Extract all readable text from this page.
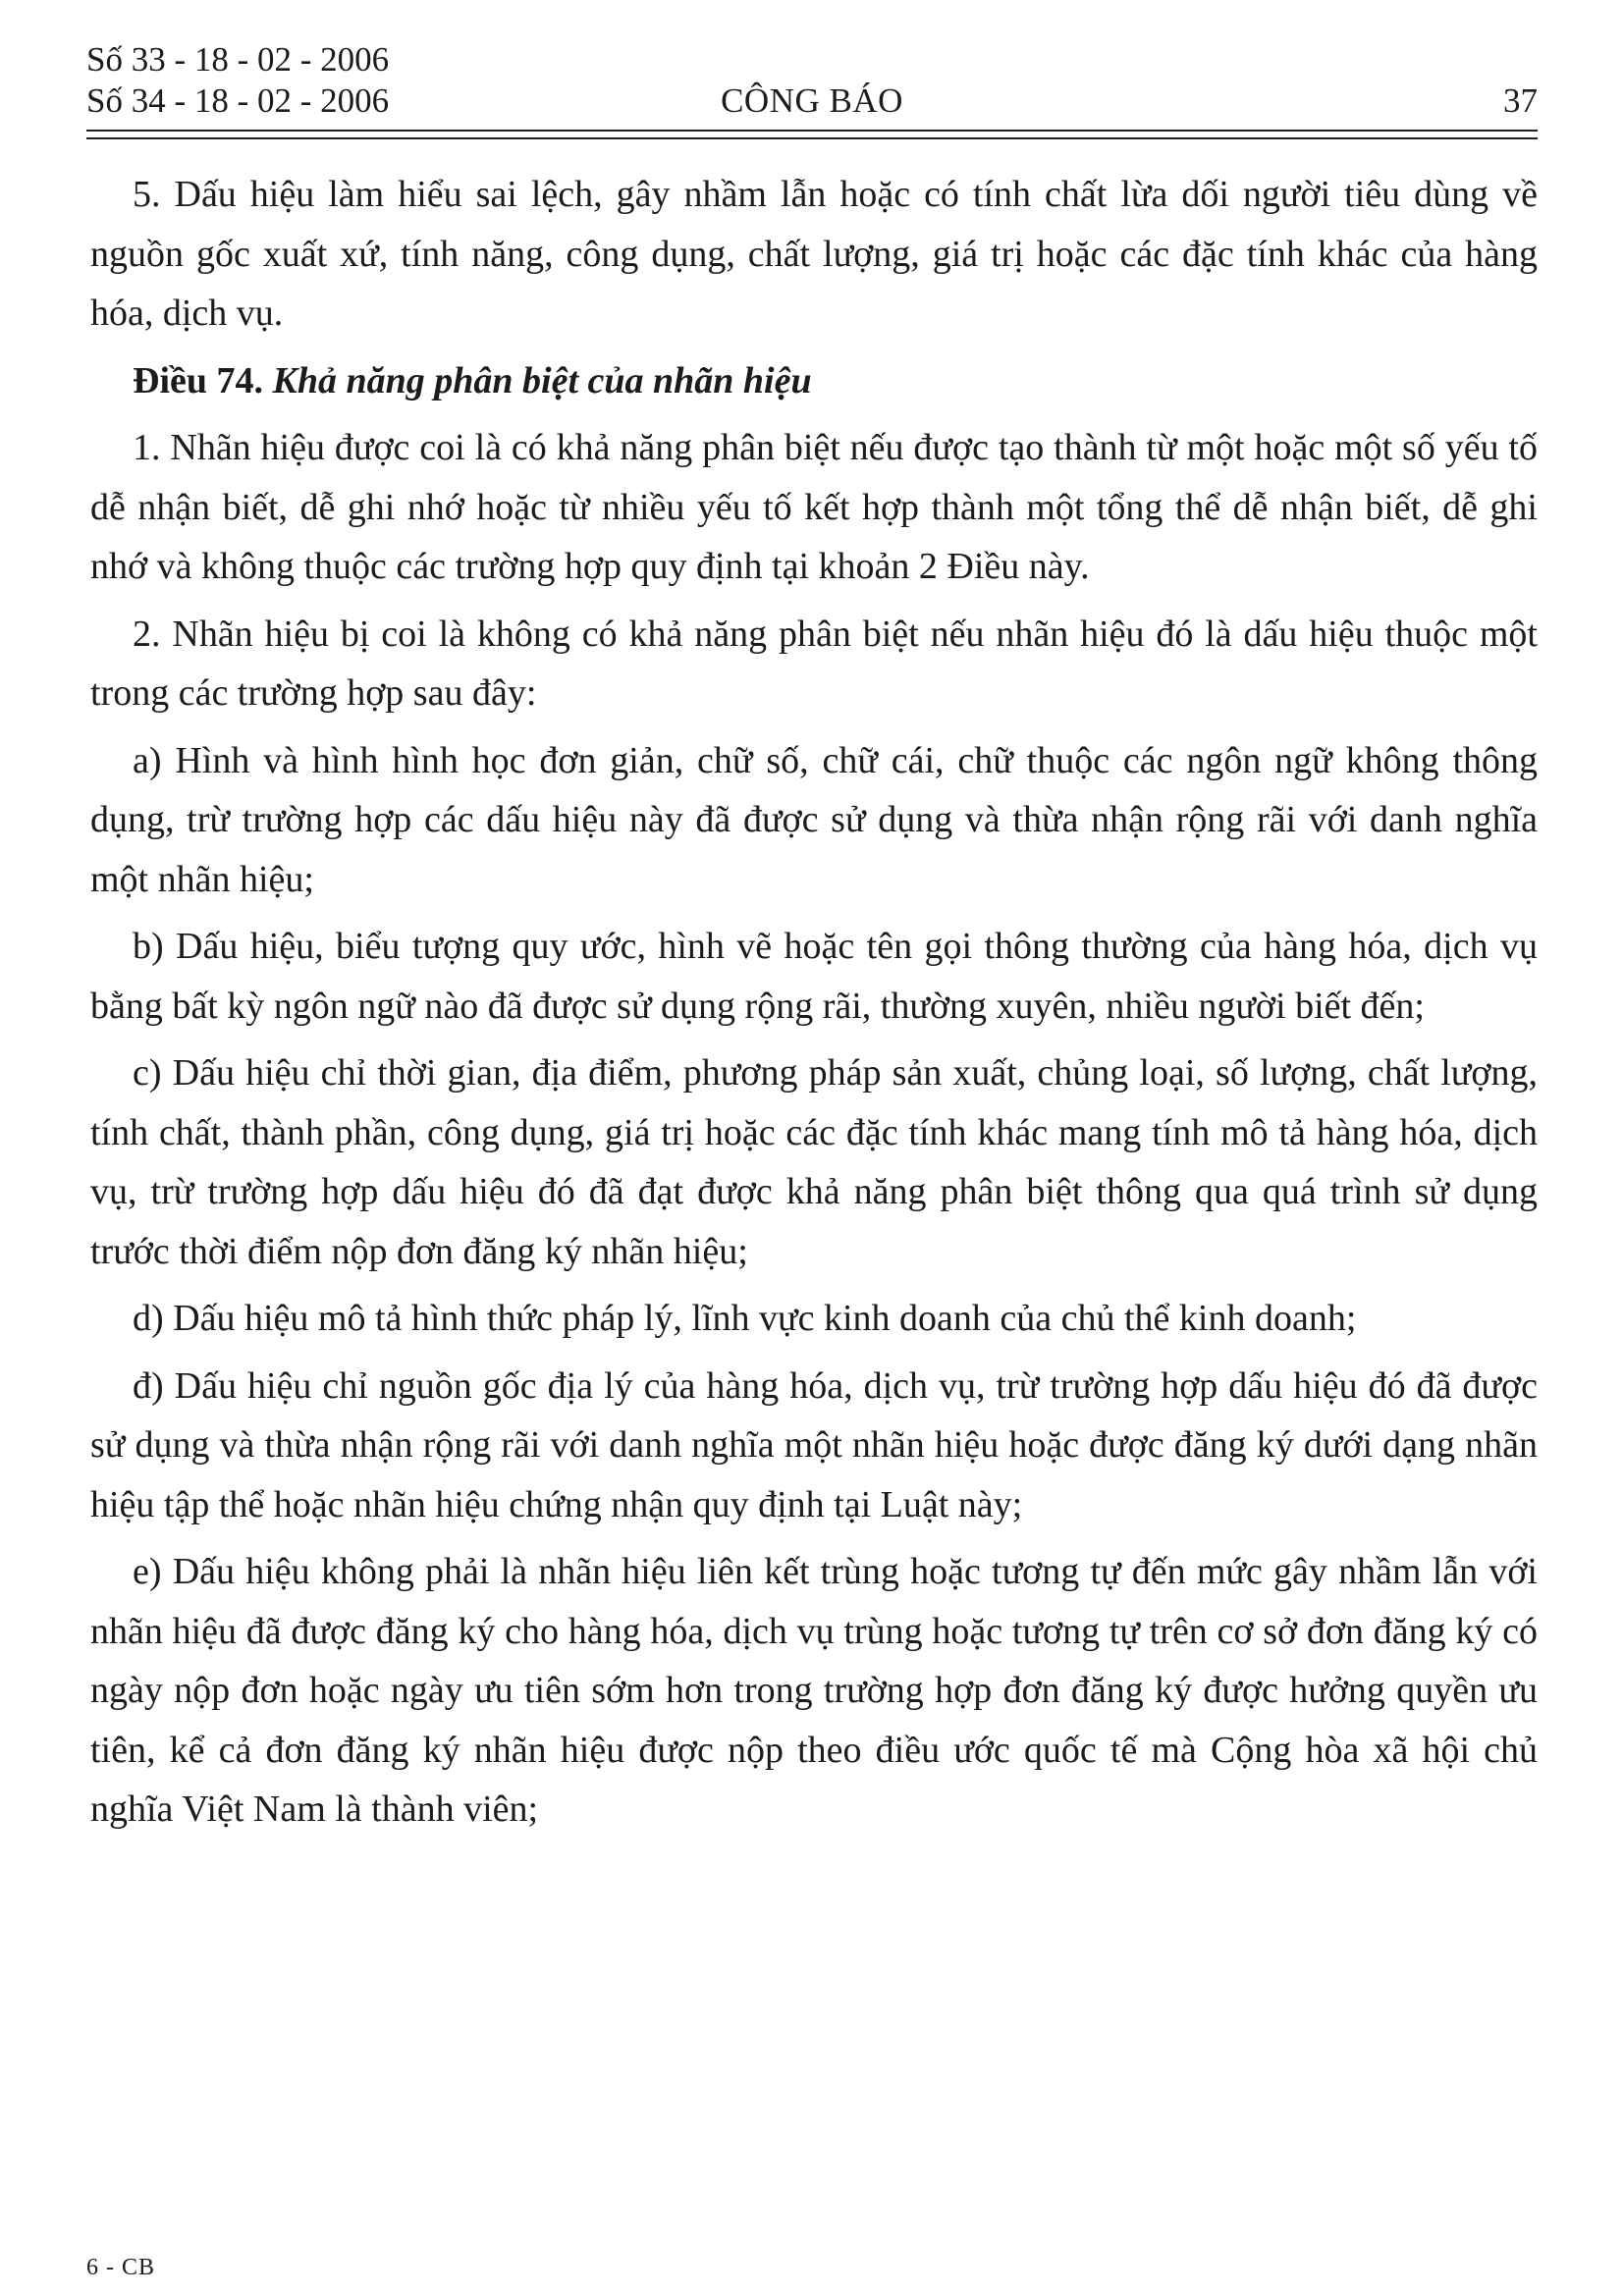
Số 33 - 18 - 02 - 2006
Số 34 - 18 - 02 - 2006	CÔNG BÁO	37

5. Dấu hiệu làm hiểu sai lệch, gây nhầm lẫn hoặc có tính chất lừa dối người tiêu dùng về nguồn gốc xuất xứ, tính năng, công dụng, chất lượng, giá trị hoặc các đặc tính khác của hàng hóa, dịch vụ.

Điều 74. Khả năng phân biệt của nhãn hiệu

1. Nhãn hiệu được coi là có khả năng phân biệt nếu được tạo thành từ một hoặc một số yếu tố dễ nhận biết, dễ ghi nhớ hoặc từ nhiều yếu tố kết hợp thành một tổng thể dễ nhận biết, dễ ghi nhớ và không thuộc các trường hợp quy định tại khoản 2 Điều này.

2. Nhãn hiệu bị coi là không có khả năng phân biệt nếu nhãn hiệu đó là dấu hiệu thuộc một trong các trường hợp sau đây:

a) Hình và hình hình học đơn giản, chữ số, chữ cái, chữ thuộc các ngôn ngữ không thông dụng, trừ trường hợp các dấu hiệu này đã được sử dụng và thừa nhận rộng rãi với danh nghĩa một nhãn hiệu;

b) Dấu hiệu, biểu tượng quy ước, hình vẽ hoặc tên gọi thông thường của hàng hóa, dịch vụ bằng bất kỳ ngôn ngữ nào đã được sử dụng rộng rãi, thường xuyên, nhiều người biết đến;

c) Dấu hiệu chỉ thời gian, địa điểm, phương pháp sản xuất, chủng loại, số lượng, chất lượng, tính chất, thành phần, công dụng, giá trị hoặc các đặc tính khác mang tính mô tả hàng hóa, dịch vụ, trừ trường hợp dấu hiệu đó đã đạt được khả năng phân biệt thông qua quá trình sử dụng trước thời điểm nộp đơn đăng ký nhãn hiệu;

d) Dấu hiệu mô tả hình thức pháp lý, lĩnh vực kinh doanh của chủ thể kinh doanh;

đ) Dấu hiệu chỉ nguồn gốc địa lý của hàng hóa, dịch vụ, trừ trường hợp dấu hiệu đó đã được sử dụng và thừa nhận rộng rãi với danh nghĩa một nhãn hiệu hoặc được đăng ký dưới dạng nhãn hiệu tập thể hoặc nhãn hiệu chứng nhận quy định tại Luật này;

e) Dấu hiệu không phải là nhãn hiệu liên kết trùng hoặc tương tự đến mức gây nhầm lẫn với nhãn hiệu đã được đăng ký cho hàng hóa, dịch vụ trùng hoặc tương tự trên cơ sở đơn đăng ký có ngày nộp đơn hoặc ngày ưu tiên sớm hơn trong trường hợp đơn đăng ký được hưởng quyền ưu tiên, kể cả đơn đăng ký nhãn hiệu được nộp theo điều ước quốc tế mà Cộng hòa xã hội chủ nghĩa Việt Nam là thành viên;

6 - CB
